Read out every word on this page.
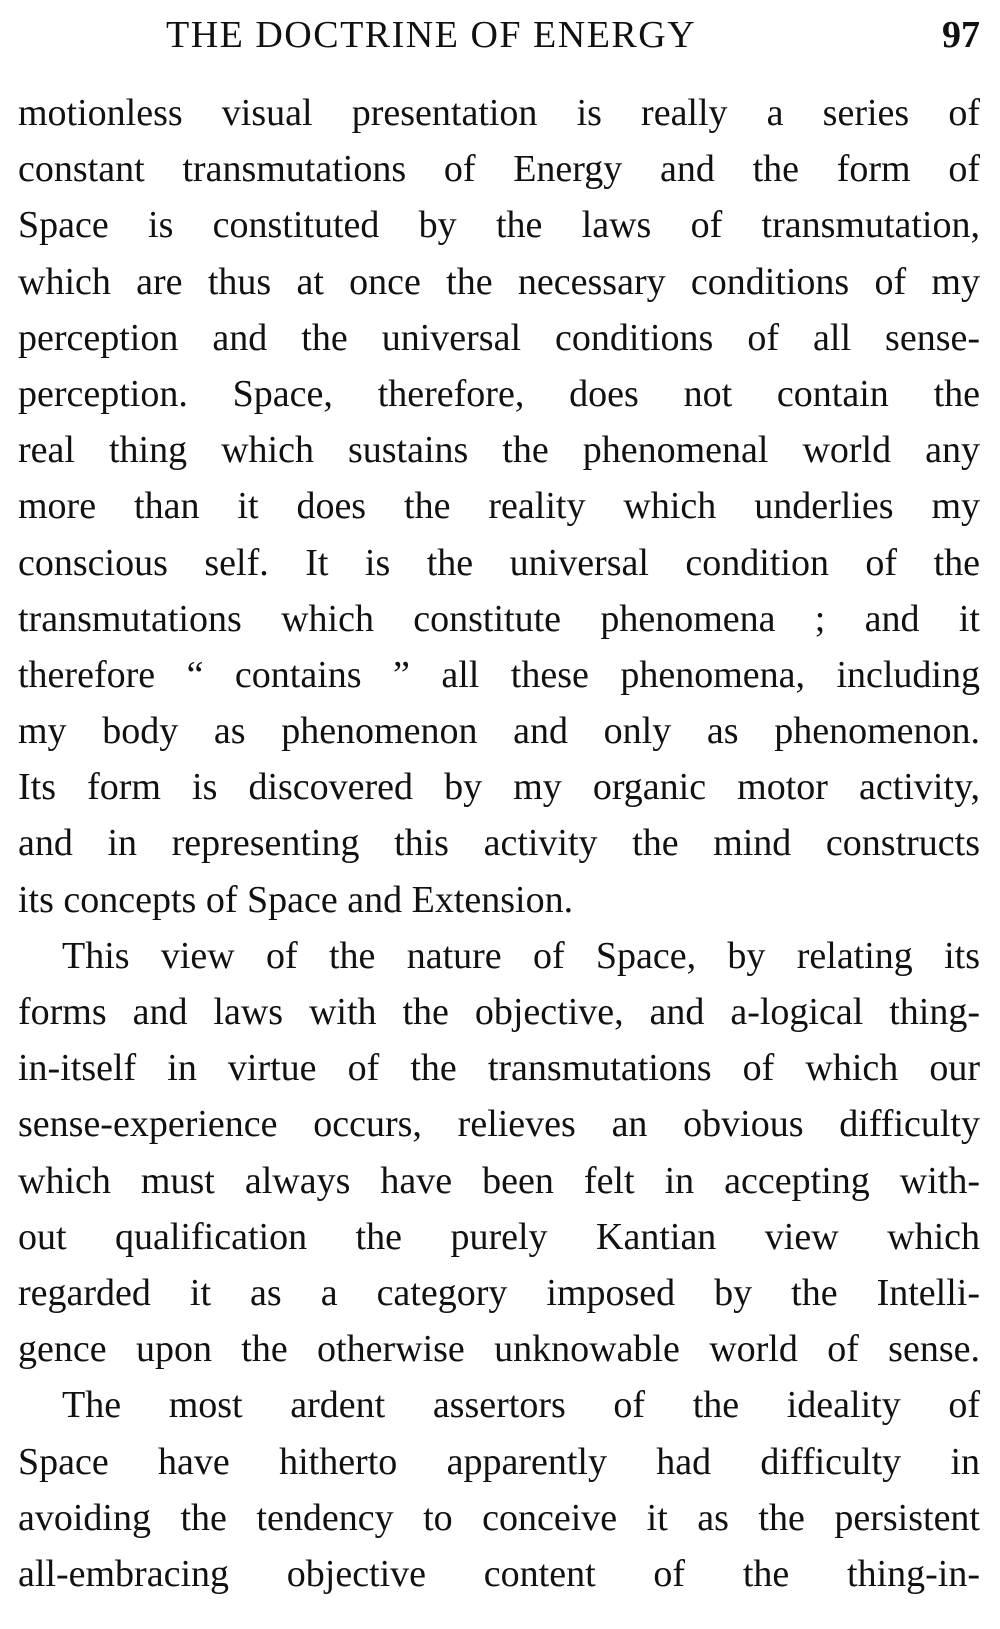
THE DOCTRINE OF ENERGY	97
motionless visual presentation is really a series of
constant transmutations of Energy and the form of
Space is constituted by the laws of transmutation,
which are thus at once the necessary conditions of my
perception and the universal conditions of all sense-
perception. Space, therefore, does not contain the
real thing which sustains the phenomenal world any
more than it does the reality which underlies my
conscious self. It is the universal condition of the
transmutations which constitute phenomena ; and it
therefore “ contains ” all these phenomena, including
my body as phenomenon and only as phenomenon.
Its form is discovered by my organic motor activity,
and in representing this activity the mind constructs
its concepts of Space and Extension.
This view of the nature of Space, by relating its
forms and laws with the objective, and a-logical thing-
in-itself in virtue of the transmutations of which our
sense-experience occurs, relieves an obvious difficulty
which must always have been felt in accepting with-
out qualification the purely Kantian view which
regarded it as a category imposed by the Intelli-
gence upon the otherwise unknowable world of sense.
The most ardent assertors of the ideality of
Space have hitherto apparently had difficulty in
avoiding the tendency to conceive it as the persistent
all-embracing objective content of the thing-in-
